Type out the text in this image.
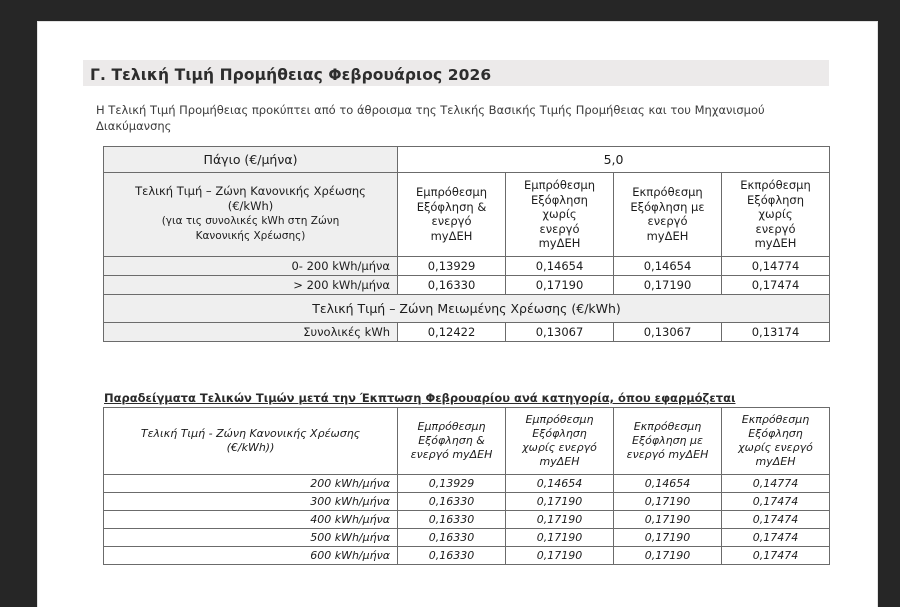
Γ. Τελική Τιμή Προμήθειας Φεβρουάριος 2026
Η Τελική Τιμή Προμήθειας προκύπτει από το άθροισμα της Τελικής Βασικής Τιμής Προμήθειας και του Μηχανισμού Διακύμανσης
Πάγιο (€/μήνα)	5,0			

Τελική Τιμή – Ζώνη Κανονικής Χρέωσης
(€/kWh)
(για τις συνολικές kWh στη Ζώνη
Κανονικής Χρέωσης)

Εμπρόθεσμη
Εξόφληση &
ενεργό
myΔΕΗ

Εμπρόθεσμη
Εξόφληση
χωρίς
ενεργό
myΔΕΗ

Εκπρόθεσμη
Εξόφληση με
ενεργό
myΔΕΗ

Εκπρόθεσμη
Εξόφληση
χωρίς
ενεργό
myΔΕΗ

0- 200 kWh/μήνα	0,13929	0,14654	0,14654	0,14774
> 200 kWh/μήνα	0,16330	0,17190	0,17190	0,17474
Τελική Τιμή – Ζώνη Μειωμένης Χρέωσης (€/kWh)				
Συνολικές kWh	0,12422	0,13067	0,13067	0,13174
Παραδείγματα Τελικών Τιμών μετά την Έκπτωση Φεβρουαρίου ανά κατηγορία, όπου εφαρμόζεται
Τελική Τιμή - Ζώνη Κανονικής Χρέωσης
(€/kWh))

Εμπρόθεσμη
Εξόφληση &
ενεργό myΔΕΗ

Εμπρόθεσμη
Εξόφληση
χωρίς ενεργό
myΔΕΗ

Εκπρόθεσμη
Εξόφληση με
ενεργό myΔΕΗ

Εκπρόθεσμη
Εξόφληση
χωρίς ενεργό
myΔΕΗ

200 kWh/μήνα	0,13929	0,14654	0,14654	0,14774
300 kWh/μήνα	0,16330	0,17190	0,17190	0,17474
400 kWh/μήνα	0,16330	0,17190	0,17190	0,17474
500 kWh/μήνα	0,16330	0,17190	0,17190	0,17474
600 kWh/μήνα	0,16330	0,17190	0,17190	0,17474
